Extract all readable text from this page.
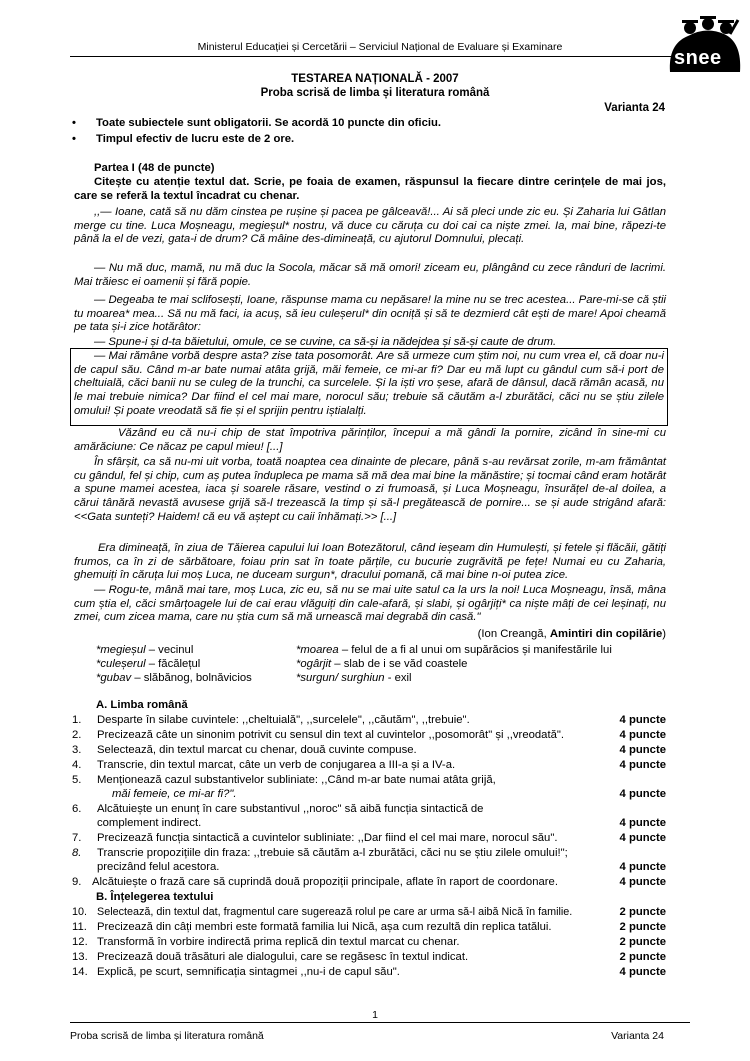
Ministerul Educației și Cercetării – Serviciul Național de Evaluare și Examinare	snee
TESTAREA NAȚIONALĂ - 2007
Proba scrisă de limba și literatura română
Varianta 24
• Toate subiectele sunt obligatorii. Se acordă 10 puncte din oficiu.
• Timpul efectiv de lucru este de 2 ore.
Partea I (48 de puncte)
Citește cu atenție textul dat. Scrie, pe foaia de examen, răspunsul la fiecare dintre cerințele de mai jos, care se referă la textul încadrat cu chenar.
,,— Ioane, cată să nu dăm cinstea pe rușine și pacea pe gâlceavă!... Ai să pleci unde zic eu. Și Zaharia lui Gâtlan merge cu tine. Luca Moșneagu, megieșul* nostru, vă duce cu căruța cu doi cai ca niște zmei. Ia, mai bine, răpezi-te până la el de vezi, gata-i de drum? Că mâine des-dimineață, cu ajutorul Domnului, plecați.
— Nu mă duc, mamă, nu mă duc la Socola, măcar să mă omori! ziceam eu, plângând cu zece rânduri de lacrimi. Mai trăiesc ei oamenii și fără popie.
— Degeaba te mai sclifosești, Ioane, răspunse mama cu nepăsare! la mine nu se trec acestea... Pare-mi-se că știi tu moarea* mea... Să nu mă faci, ia acuș, să ieu culeșerul* din ocniță și să te dezmierd cât ești de mare! Apoi cheamă pe tata și-i zice hotărâtor:
— Spune-i și d-ta băietului, omule, ce se cuvine, ca să-și ia nădejdea și să-și caute de drum.
— Mai rămâne vorbă despre asta? zise tata posomorât. Are să urmeze cum știm noi, nu cum vrea el, că doar nu-i de capul său. Când m-ar bate numai atâta grijă, măi femeie, ce mi-ar fi? Dar eu mă lupt cu gândul cum să-i port de cheltuială, căci banii nu se culeg de la trunchi, ca surcelele. Și la iști vro șese, afară de dânsul, dacă rămân acasă, nu le mai trebuie nimica? Dar fiind el cel mai mare, norocul său; trebuie să căutăm a-l zburătăci, căci nu se știu zilele omului! Și poate vreodată să fie și el sprijin pentru iștialalți.
Văzând eu că nu-i chip de stat împotriva părinților, începui a mă gândi la pornire, zicând în sine-mi cu amărăciune: Ce năcaz pe capul mieu! [...]
În sfârșit, ca să nu-mi uit vorba, toată noaptea cea dinainte de plecare, până s-au revărsat zorile, m-am frământat cu gândul, fel și chip, cum aș putea înduplеca pe mama să mă dea mai bine la mănăstire; și tocmai când eram hotărât a spune mamei acestea, iaca și soarele răsare, vestind o zi frumoasă, și Luca Moșneagu, însurățel de-al doilea, a cărui tânără nevastă avusese grijă să-l trezească la timp și să-l pregătească de pornire... se și aude strigând afară: <<Gata sunteți? Haidem! că eu vă aștept cu caii înhămați.>> [...]
Era dimineață, în ziua de Tăierea capului lui Ioan Botezătorul, când ieșeam din Humulești, și fetele și flăcăii, gătiți frumos, ca în zi de sărbătoare, foiau prin sat în toate părțile, cu bucurie zugrăvită pe fețe! Numai eu cu Zaharia, ghemuiți în căruța lui moș Luca, ne duceam surgun*, dracului pomană, că mai bine n-oi putea zice.
— Rogu-te, mână mai tare, moș Luca, zic eu, să nu se mai uite satul ca la urs la noi! Luca Moșneagu, însă, mâna cum știa el, căci smârțoagele lui de cai erau vlăguiți din cale-afară, și slabi, și ogârjiți* ca niște mâți de cei leșinați, nu zmei, cum zicea mama, care nu știa cum să mă urnească mai degrabă din casă."
(Ion Creangă, Amintiri din copilărie)
*megieșul – vecinul
*culeșerul – făcălețul
*gubav – slăbănog, bolnăvicios
*moarea – felul de a fi al unui om supărăcios și manifestările lui
*ogârjit – slab de i se văd coastele
*surgun/ surghiun - exil
A. Limba română
1. Desparte în silabe cuvintele: ,,cheltuială", ,,surcelele", ,,căutăm", ,,trebuie".	4 puncte
2. Precizează câte un sinonim potrivit cu sensul din text al cuvintelor ,,posomorât" și ,,vreodată".	4 puncte
3. Selectează, din textul marcat cu chenar, două cuvinte compuse.	4 puncte
4. Transcrie, din textul marcat, câte un verb de conjugarea a III-a și a IV-a.	4 puncte
5. Menționează cazul substantivelor subliniate: ,,Când m-ar bate numai atâta grijă,
măi femeie, ce mi-ar fi?".	4 puncte
6. Alcătuiește un enunț în care substantivul ,,noroc" să aibă funcția sintactică de
complement indirect.	4 puncte
7. Precizează funcția sintactică a cuvintelor subliniate: ,,Dar fiind el cel mai mare, norocul său".	4 puncte
8. Transcrie propozițiile din fraza: ,,trebuie să căutăm a-l zburătăci, căci nu se știu zilele omului!";
precizând felul acestora.	4 puncte
9. Alcătuiește o frază care să cuprindă două propoziții principale, aflate în raport de coordonare.	4 puncte
B. Înțelegerea textului
10. Selectează, din textul dat, fragmentul care sugerează rolul pe care ar urma să-l aibă Nică în familie.	2 puncte
11. Precizează din câți membri este formată familia lui Nică, așa cum rezultă din replica tatălui.	2 puncte
12. Transformă în vorbire indirectă prima replică din textul marcat cu chenar.	2 puncte
13. Precizează două trăsături ale dialogului, care se regăsesc în textul indicat.	2 puncte
14. Explică, pe scurt, semnificația sintagmei ,,nu-i de capul său".	4 puncte
1
Proba scrisă de limba și literatura română	Varianta 24
